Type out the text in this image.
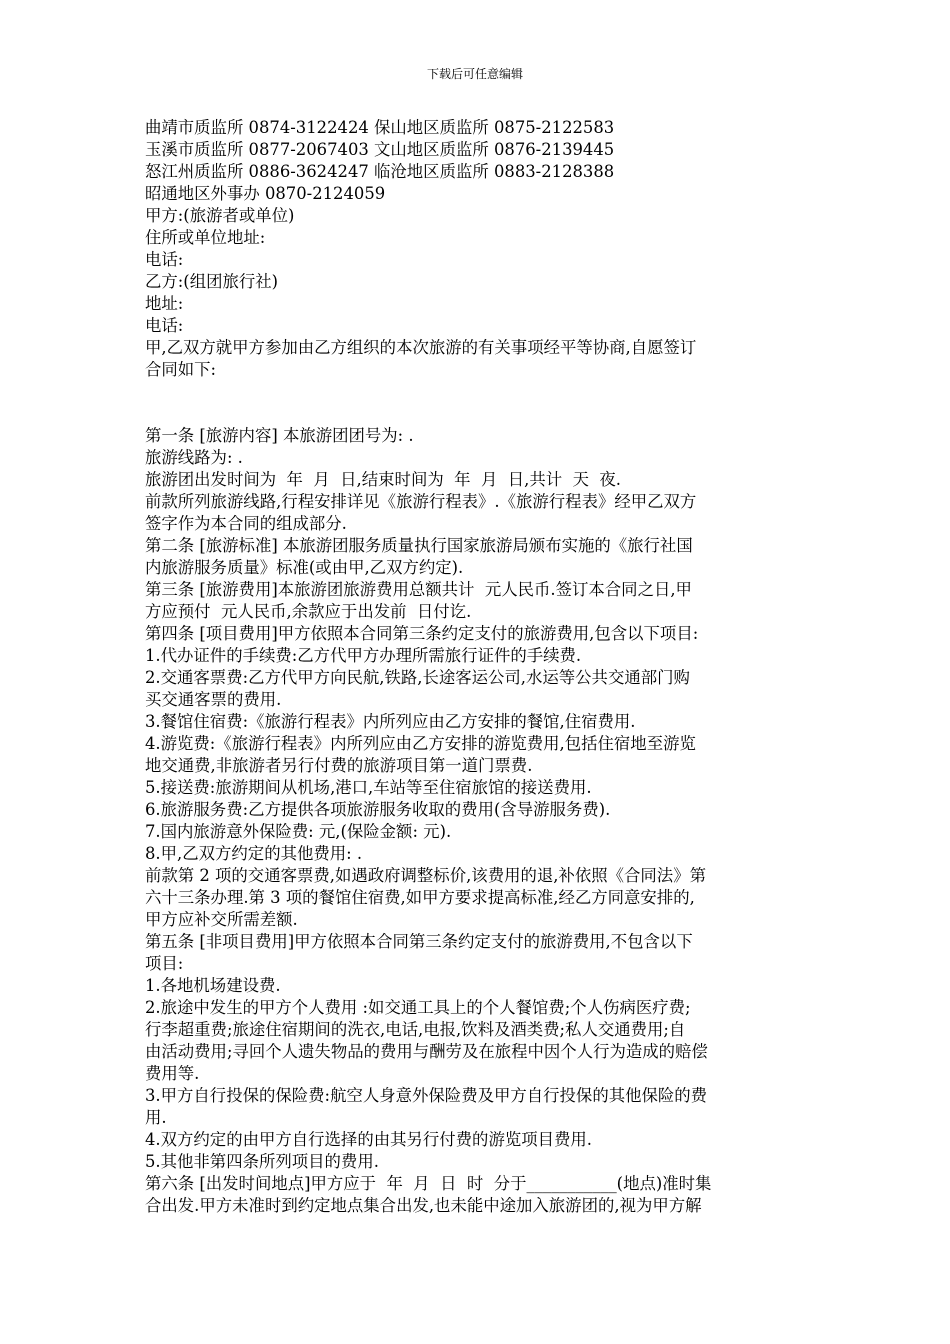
下载后可任意编辑
曲靖市质监所 0874-3122424 保山地区质监所 0875-2122583
玉溪市质监所 0877-2067403 文山地区质监所 0876-2139445
怒江州质监所 0886-3624247 临沧地区质监所 0883-2128388
昭通地区外事办 0870-2124059
甲方:(旅游者或单位)
住所或单位地址:
电话:
乙方:(组团旅行社)
地址:
电话:
甲,乙双方就甲方参加由乙方组织的本次旅游的有关事项经平等协商,自愿签订
合同如下:
第一条 [旅游内容] 本旅游团团号为: .
旅游线路为: .
旅游团出发时间为  年  月  日,结束时间为  年  月  日,共计  天  夜.
前款所列旅游线路,行程安排详见《旅游行程表》.《旅游行程表》经甲乙双方
签字作为本合同的组成部分.
第二条 [旅游标准] 本旅游团服务质量执行国家旅游局颁布实施的《旅行社国
内旅游服务质量》标准(或由甲,乙双方约定).
第三条 [旅游费用]本旅游团旅游费用总额共计  元人民币.签订本合同之日,甲
方应预付  元人民币,余款应于出发前  日付讫.
第四条 [项目费用]甲方依照本合同第三条约定支付的旅游费用,包含以下项目:
1.代办证件的手续费:乙方代甲方办理所需旅行证件的手续费.
2.交通客票费:乙方代甲方向民航,铁路,长途客运公司,水运等公共交通部门购
买交通客票的费用.
3.餐馆住宿费:《旅游行程表》内所列应由乙方安排的餐馆,住宿费用.
4.游览费:《旅游行程表》内所列应由乙方安排的游览费用,包括住宿地至游览
地交通费,非旅游者另行付费的旅游项目第一道门票费.
5.接送费:旅游期间从机场,港口,车站等至住宿旅馆的接送费用.
6.旅游服务费:乙方提供各项旅游服务收取的费用(含导游服务费).
7.国内旅游意外保险费: 元,(保险金额: 元).
8.甲,乙双方约定的其他费用: .
前款第 2 项的交通客票费,如遇政府调整标价,该费用的退,补依照《合同法》第
六十三条办理.第 3 项的餐馆住宿费,如甲方要求提高标准,经乙方同意安排的,
甲方应补交所需差额.
第五条 [非项目费用]甲方依照本合同第三条约定支付的旅游费用,不包含以下
项目:
1.各地机场建设费.
2.旅途中发生的甲方个人费用 :如交通工具上的个人餐馆费;个人伤病医疗费;
行李超重费;旅途住宿期间的洗衣,电话,电报,饮料及酒类费;私人交通费用;自
由活动费用;寻回个人遗失物品的费用与酬劳及在旅程中因个人行为造成的赔偿
费用等.
3.甲方自行投保的保险费:航空人身意外保险费及甲方自行投保的其他保险的费
用.
4.双方约定的由甲方自行选择的由其另行付费的游览项目费用.
5.其他非第四条所列项目的费用.
第六条 [出发时间地点]甲方应于  年  月  日  时  分于___________(地点)准时集
合出发.甲方未准时到约定地点集合出发,也未能中途加入旅游团的,视为甲方解
